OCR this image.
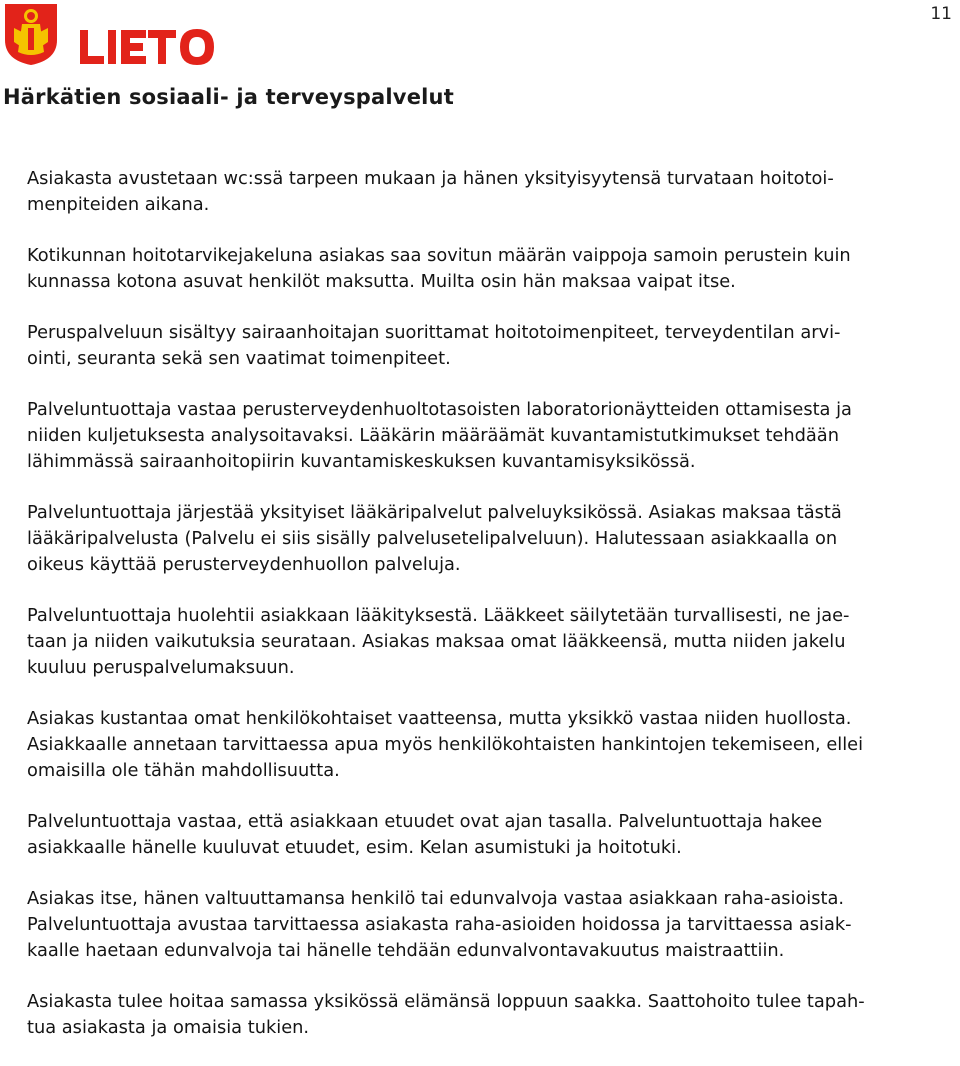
LIETO
11
Härkätien sosiaali- ja terveyspalvelut

Asiakasta avustetaan wc:ssä tarpeen mukaan ja hänen yksityisyytensä turvataan hoitotoi-
menpiteiden aikana.

Kotikunnan hoitotarvikejakeluna asiakas saa sovitun määrän vaippoja samoin perustein kuin
kunnassa kotona asuvat henkilöt maksutta. Muilta osin hän maksaa vaipat itse.

Peruspalveluun sisältyy sairaanhoitajan suorittamat hoitotoimenpiteet, terveydentilan arvi-
ointi, seuranta sekä sen vaatimat toimenpiteet.

Palveluntuottaja vastaa perusterveydenhuoltotasoisten laboratorionäytteiden ottamisesta ja
niiden kuljetuksesta analysoitavaksi. Lääkärin määräämät kuvantamistutkimukset tehdään
lähimmässä sairaanhoitopiirin kuvantamiskeskuksen kuvantamisyksikössä.

Palveluntuottaja järjestää yksityiset lääkäripalvelut palveluyksikössä. Asiakas maksaa tästä
lääkäripalvelusta (Palvelu ei siis sisälly palvelusetelipalveluun). Halutessaan asiakkaalla on
oikeus käyttää perusterveydenhuollon palveluja.

Palveluntuottaja huolehtii asiakkaan lääkityksestä. Lääkkeet säilytetään turvallisesti, ne jae-
taan ja niiden vaikutuksia seurataan. Asiakas maksaa omat lääkkeensä, mutta niiden jakelu
kuuluu peruspalvelumaksuun.

Asiakas kustantaa omat henkilökohtaiset vaatteensa, mutta yksikkö vastaa niiden huollosta.
Asiakkaalle annetaan tarvittaessa apua myös henkilökohtaisten hankintojen tekemiseen, ellei
omaisilla ole tähän mahdollisuutta.

Palveluntuottaja vastaa, että asiakkaan etuudet ovat ajan tasalla. Palveluntuottaja hakee
asiakkaalle hänelle kuuluvat etuudet, esim. Kelan asumistuki ja hoitotuki.

Asiakas itse, hänen valtuuttamansa henkilö tai edunvalvoja vastaa asiakkaan raha-asioista.
Palveluntuottaja avustaa tarvittaessa asiakasta raha-asioiden hoidossa ja tarvittaessa asiak-
kaalle haetaan edunvalvoja tai hänelle tehdään edunvalvontavakuutus maistraattiin.

Asiakasta tulee hoitaa samassa yksikössä elämänsä loppuun saakka. Saattohoito tulee tapah-
tua asiakasta ja omaisia tukien.
